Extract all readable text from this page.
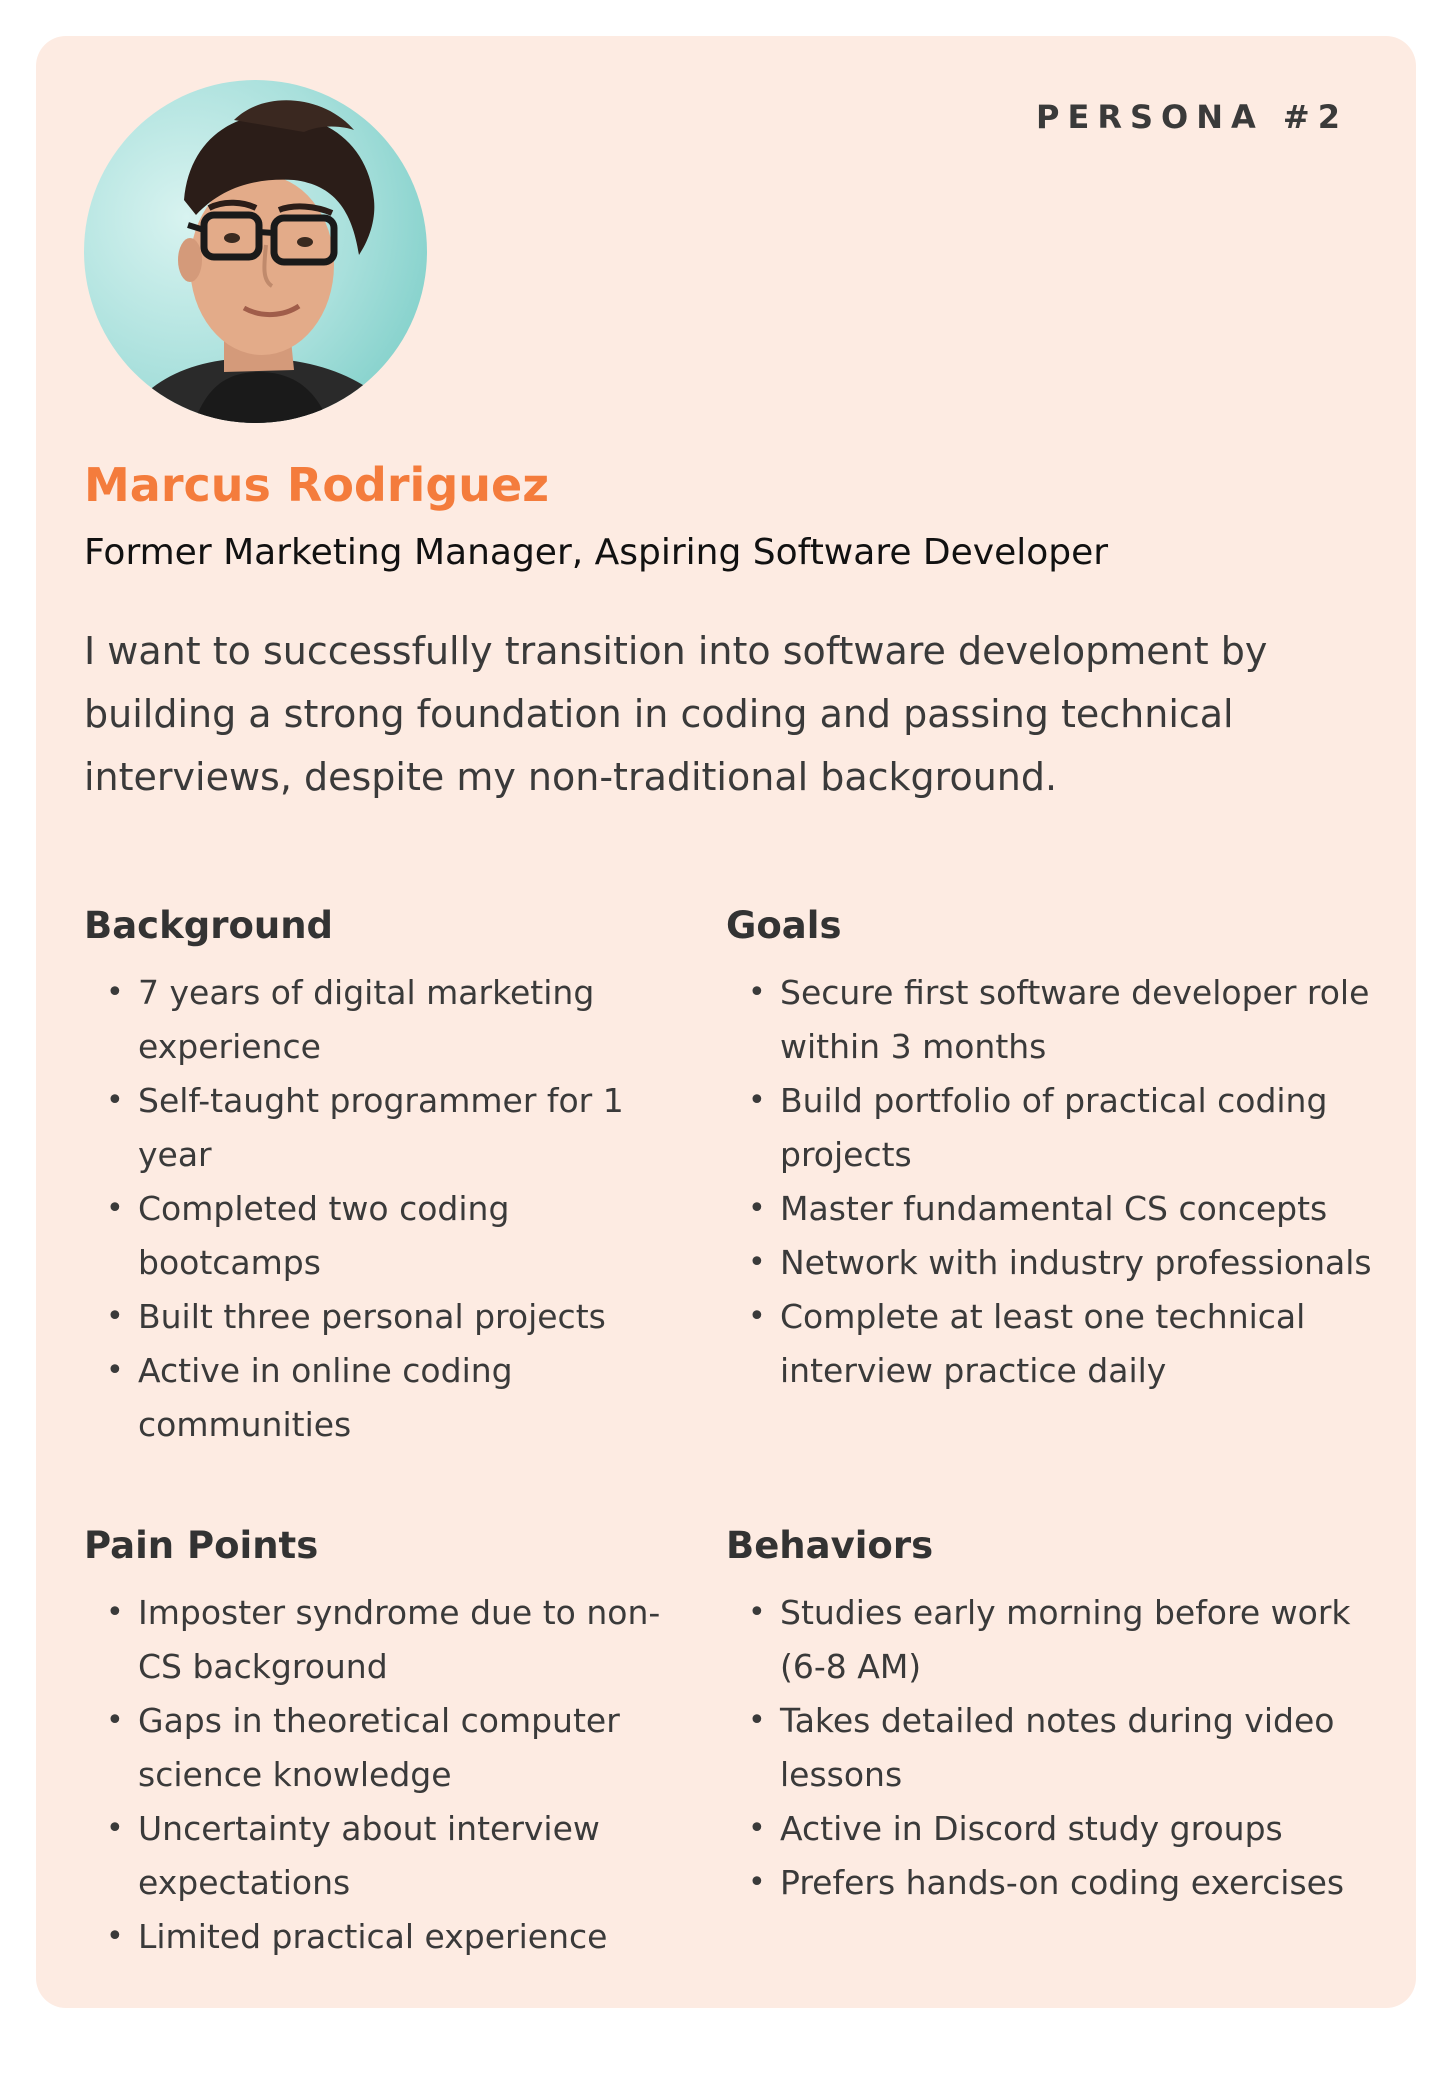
PERSONA #2
Marcus Rodriguez

Former Marketing Manager, Aspiring Software Developer

I want to successfully transition into software development by building a strong foundation in coding and passing technical interviews, despite my non-traditional background.

Background
• 7 years of digital marketing experience
• Self-taught programmer for 1 year
• Completed two coding bootcamps
• Built three personal projects
• Active in online coding communities
Goals
• Secure first software developer role within 3 months
• Build portfolio of practical coding projects
• Master fundamental CS concepts
• Network with industry professionals
• Complete at least one technical interview practice daily
Pain Points
• Imposter syndrome due to non-CS background
• Gaps in theoretical computer science knowledge
• Uncertainty about interview expectations
• Limited practical experience
Behaviors
• Studies early morning before work (6-8 AM)
• Takes detailed notes during video lessons
• Active in Discord study groups
• Prefers hands-on coding exercises
